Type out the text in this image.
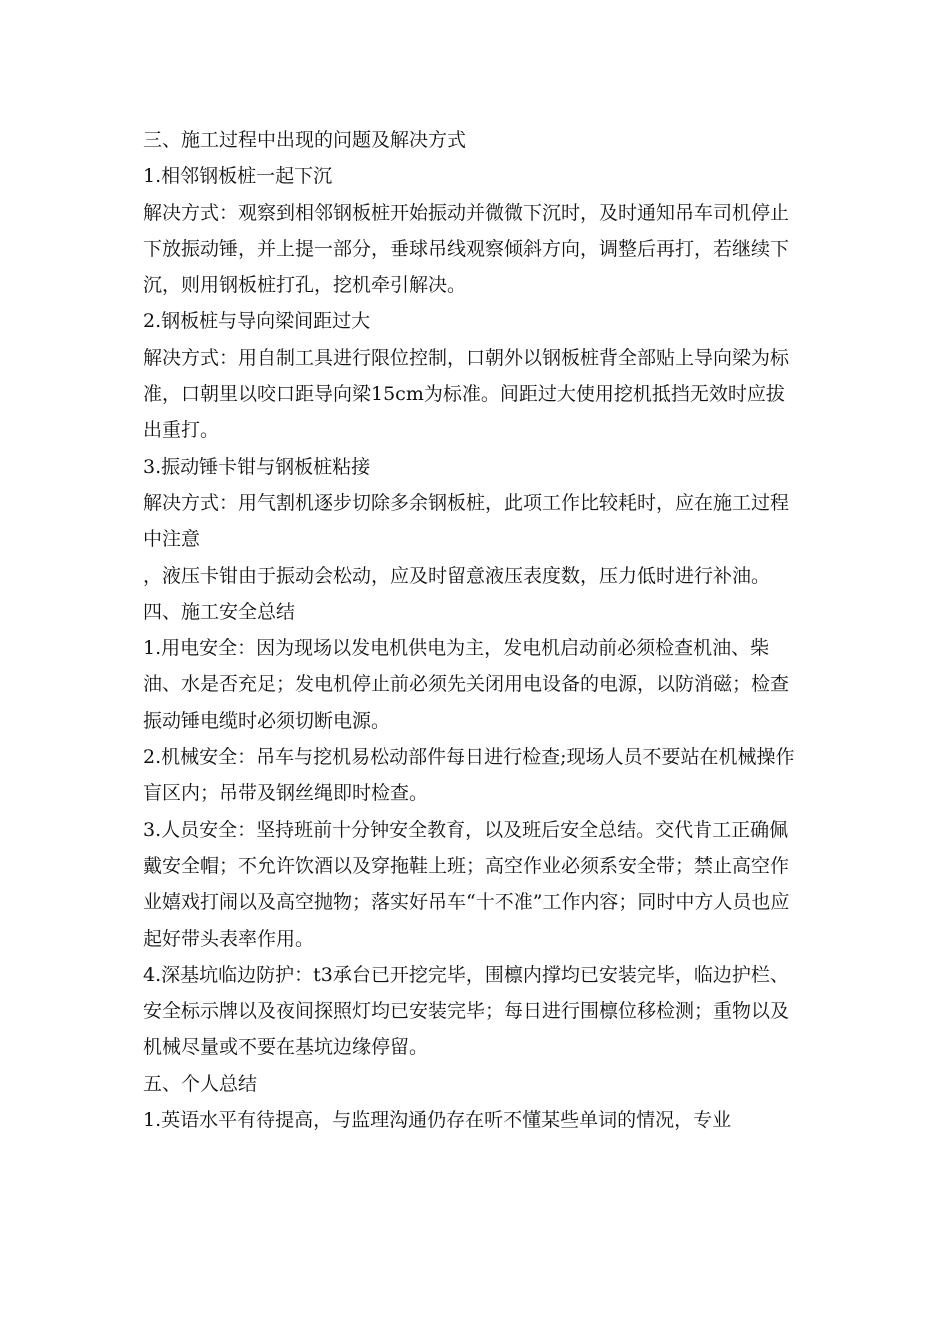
三、施工过程中出现的问题及解决方式

1.相邻钢板桩一起下沉

解决方式：观察到相邻钢板桩开始振动并微微下沉时，及时通知吊车司机停止下放振动锤，并上提一部分，垂球吊线观察倾斜方向，调整后再打，若继续下沉，则用钢板桩打孔，挖机牵引解决。

2.钢板桩与导向梁间距过大

解决方式：用自制工具进行限位控制，口朝外以钢板桩背全部贴上导向梁为标准，口朝里以咬口距导向梁15cm为标准。间距过大使用挖机抵挡无效时应拔出重打。

3.振动锤卡钳与钢板桩粘接

解决方式：用气割机逐步切除多余钢板桩，此项工作比较耗时，应在施工过程中注意

，液压卡钳由于振动会松动，应及时留意液压表度数，压力低时进行补油。

四、施工安全总结

1.用电安全：因为现场以发电机供电为主，发电机启动前必须检查机油、柴油、水是否充足；发电机停止前必须先关闭用电设备的电源，以防消磁；检查振动锤电缆时必须切断电源。

2.机械安全：吊车与挖机易松动部件每日进行检查;现场人员不要站在机械操作盲区内；吊带及钢丝绳即时检查。

3.人员安全：坚持班前十分钟安全教育，以及班后安全总结。交代肯工正确佩戴安全帽；不允许饮酒以及穿拖鞋上班；高空作业必须系安全带；禁止高空作业嬉戏打闹以及高空抛物；落实好吊车“十不准”工作内容；同时中方人员也应起好带头表率作用。

4.深基坑临边防护：t3承台已开挖完毕，围檩内撑均已安装完毕，临边护栏、安全标示牌以及夜间探照灯均已安装完毕；每日进行围檩位移检测；重物以及机械尽量或不要在基坑边缘停留。

五、个人总结

1.英语水平有待提高，与监理沟通仍存在听不懂某些单词的情况，专业
